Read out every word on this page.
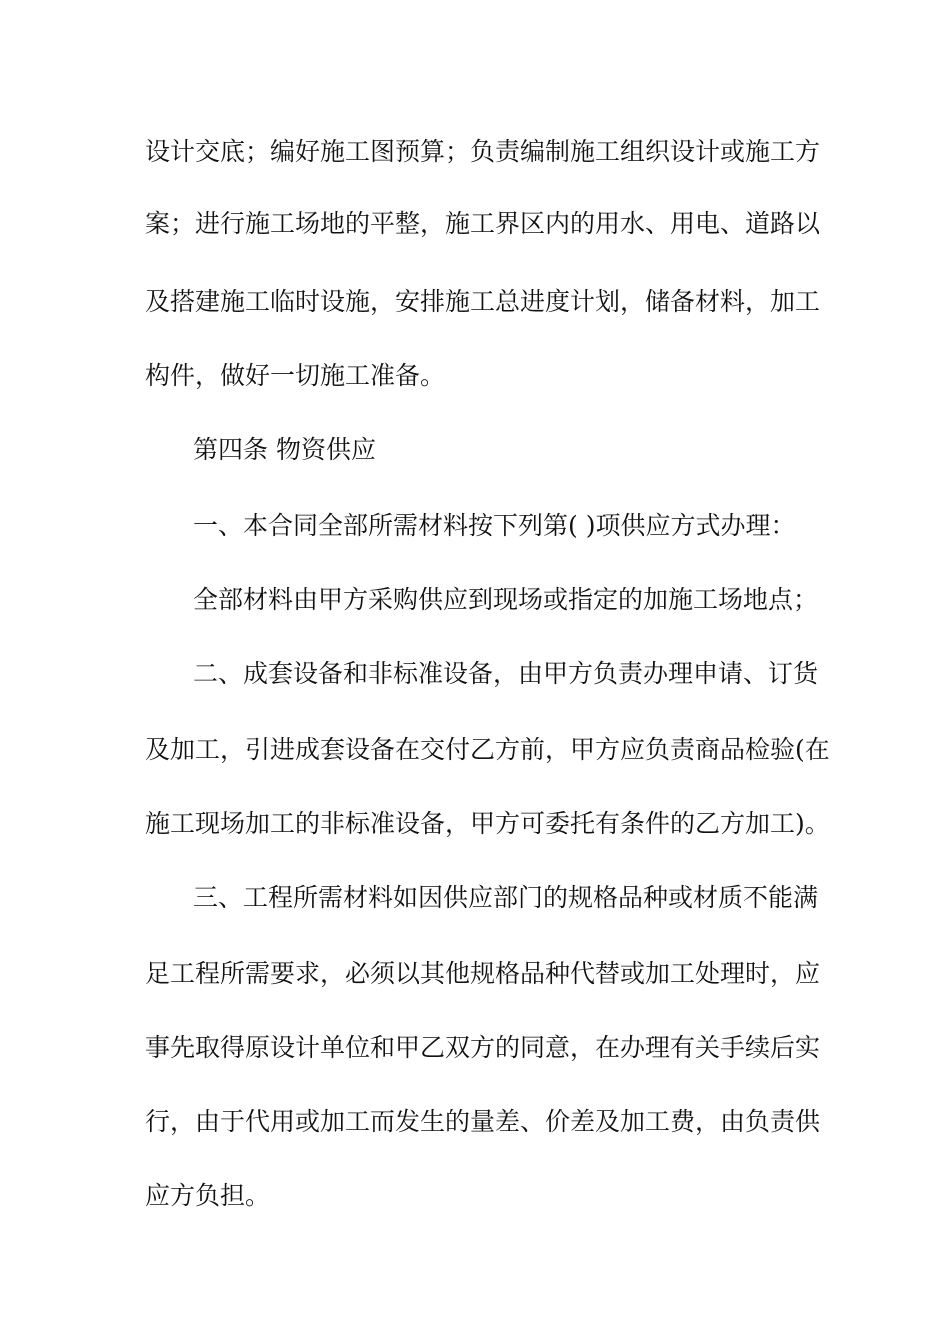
设计交底；编好施工图预算；负责编制施工组织设计或施工方

案；进行施工场地的平整，施工界区内的用水、用电、道路以

及搭建施工临时设施，安排施工总进度计划，储备材料，加工

构件，做好一切施工准备。

第四条 物资供应

一、本合同全部所需材料按下列第( )项供应方式办理：

全部材料由甲方采购供应到现场或指定的加施工场地点；

二、成套设备和非标准设备，由甲方负责办理申请、订货

及加工，引进成套设备在交付乙方前，甲方应负责商品检验(在

施工现场加工的非标准设备，甲方可委托有条件的乙方加工)。

三、工程所需材料如因供应部门的规格品种或材质不能满

足工程所需要求，必须以其他规格品种代替或加工处理时，应

事先取得原设计单位和甲乙双方的同意，在办理有关手续后实

行，由于代用或加工而发生的量差、价差及加工费，由负责供

应方负担。
